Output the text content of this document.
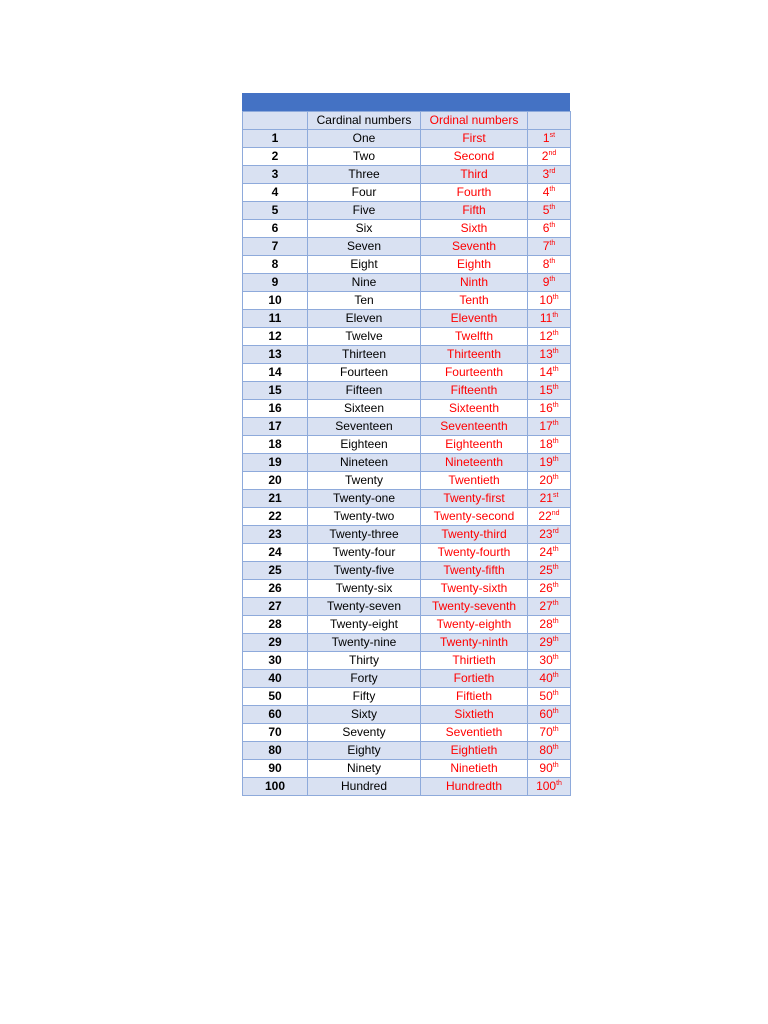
	Cardinal numbers	Ordinal numbers	
1	One	First	1st
2	Two	Second	2nd
3	Three	Third	3rd
4	Four	Fourth	4th
5	Five	Fifth	5th
6	Six	Sixth	6th
7	Seven	Seventh	7th
8	Eight	Eighth	8th
9	Nine	Ninth	9th
10	Ten	Tenth	10th
11	Eleven	Eleventh	11th
12	Twelve	Twelfth	12th
13	Thirteen	Thirteenth	13th
14	Fourteen	Fourteenth	14th
15	Fifteen	Fifteenth	15th
16	Sixteen	Sixteenth	16th
17	Seventeen	Seventeenth	17th
18	Eighteen	Eighteenth	18th
19	Nineteen	Nineteenth	19th
20	Twenty	Twentieth	20th
21	Twenty-one	Twenty-first	21st
22	Twenty-two	Twenty-second	22nd
23	Twenty-three	Twenty-third	23rd
24	Twenty-four	Twenty-fourth	24th
25	Twenty-five	Twenty-fifth	25th
26	Twenty-six	Twenty-sixth	26th
27	Twenty-seven	Twenty-seventh	27th
28	Twenty-eight	Twenty-eighth	28th
29	Twenty-nine	Twenty-ninth	29th
30	Thirty	Thirtieth	30th
40	Forty	Fortieth	40th
50	Fifty	Fiftieth	50th
60	Sixty	Sixtieth	60th
70	Seventy	Seventieth	70th
80	Eighty	Eightieth	80th
90	Ninety	Ninetieth	90th
100	Hundred	Hundredth	100th
